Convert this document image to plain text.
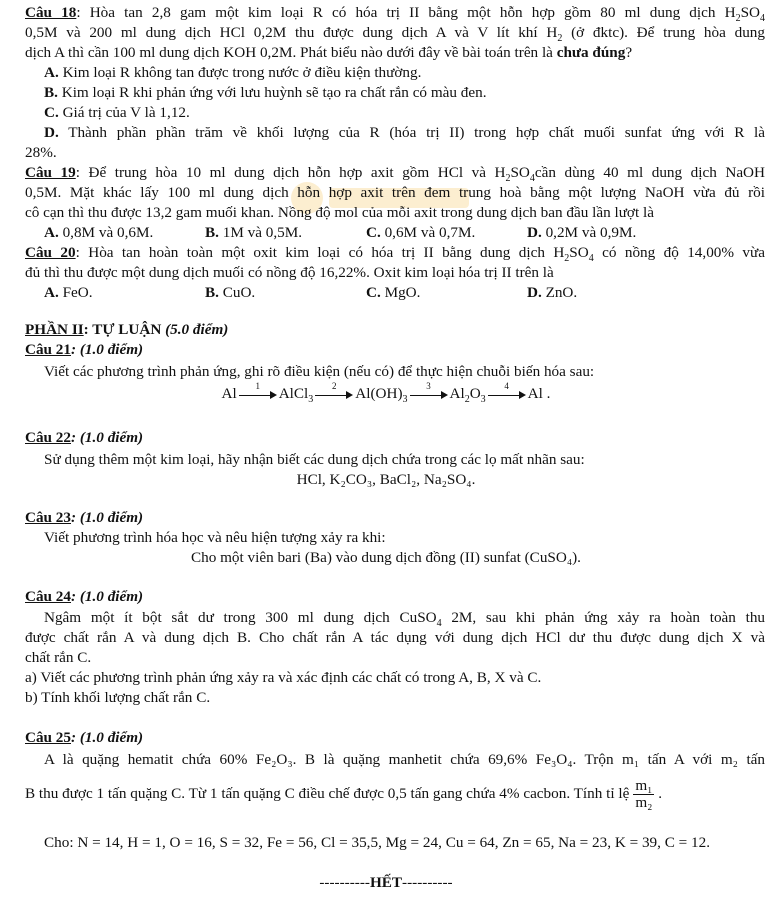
Câu 18: Hòa tan 2,8 gam một kim loại R có hóa trị II bằng một hỗn hợp gồm 80 ml dung dịch $H_2SO_4$
0,5M và 200 ml dung dịch HCl 0,2M thu được dung dịch A và V lít khí $H_2$ (ở đktc). Để trung hòa dung
dịch A thì cần 100 ml dung dịch KOH 0,2M. Phát biểu nào dưới đây về bài toán trên là chưa đúng?
A. Kim loại R không tan được trong nước ở điều kiện thường.
B. Kim loại R khi phản ứng với lưu huỳnh sẽ tạo ra chất rắn có màu đen.
C. Giá trị của V là 1,12.
D. Thành phần phần trăm về khối lượng của R (hóa trị II) trong hợp chất muối sunfat ứng với R là
28%.
Câu 19: Để trung hòa 10 ml dung dịch hỗn hợp axit gồm HCl và $H_2SO_4cần$ dùng 40 ml dung dịch NaOH
0,5M. Mặt khác lấy 100 ml dung dịch hỗn hợp axit trên đem trung hoà bằng một lượng NaOH vừa đủ rồi
cô cạn thì thu được 13,2 gam muối khan. Nồng độ mol của mỗi axit trong dung dịch ban đầu lần lượt là
A. 0,8M và 0,6M.	B. 1M và 0,5M.	C. 0,6M và 0,7M.	D. 0,2M và 0,9M.
Câu 20: Hòa tan hoàn toàn một oxit kim loại có hóa trị II bằng dung dịch $H_2SO_4$ có nồng độ 14,00% vừa
đủ thì thu được một dung dịch muối có nồng độ 16,22%. Oxit kim loại hóa trị II trên là
A. FeO.	B. CuO.	C. MgO.	D. ZnO.
PHẦN II: TỰ LUẬN (5.0 điểm)
Câu 21: (1.0 điểm)
Viết các phương trình phản ứng, ghi rõ điều kiện (nếu có) để thực hiện chuỗi biến hóa sau:
Al	1	AlCl$_3$
2	$Al(OH)_3$
3	$Al_2O_3$
4	Al .
Câu 22: (1.0 điểm)
Sử dụng thêm một kim loại, hãy nhận biết các dung dịch chứa trong các lọ mất nhãn sau:
HCl, K₂CO₃, BaCl₂, Na₂SO₄.
Câu 23: (1.0 điểm)
Viết phương trình hóa học và nêu hiện tượng xảy ra khi:
Cho một viên bari (Ba) vào dung dịch đồng (II) sunfat (CuSO₄).
Câu 24: (1.0 điểm)
Ngâm một ít bột sắt dư trong 300 ml dung dịch CuSO$_4$ 2M, sau khi phản ứng xảy ra hoàn toàn thu
được chất rắn A và dung dịch B. Cho chất rắn A tác dụng với dung dịch HCl dư thu được dung dịch X và
chất rắn C.
a) Viết các phương trình phản ứng xảy ra và xác định các chất có trong A, B, X và C.
b) Tính khối lượng chất rắn C.
Câu 25: (1.0 điểm)
A là quặng hematit chứa 60% Fe₂O₃. B là quặng manhetit chứa 69,6% Fe₃O₄. Trộn m₁ tấn A với m₂ tấn
B thu được 1 tấn quặng C. Từ 1 tấn quặng C điều chế được 0,5 tấn gang chứa 4% cacbon. Tính tỉ lệ $\frac{\text{m₁}}{\text{m₂}}$ .
Cho: N = 14, H = 1, O = 16, S = 32, Fe = 56, Cl = 35,5, Mg = 24, Cu = 64, Zn = 65, Na = 23, K = 39, C = 12.
----------HẾT----------
